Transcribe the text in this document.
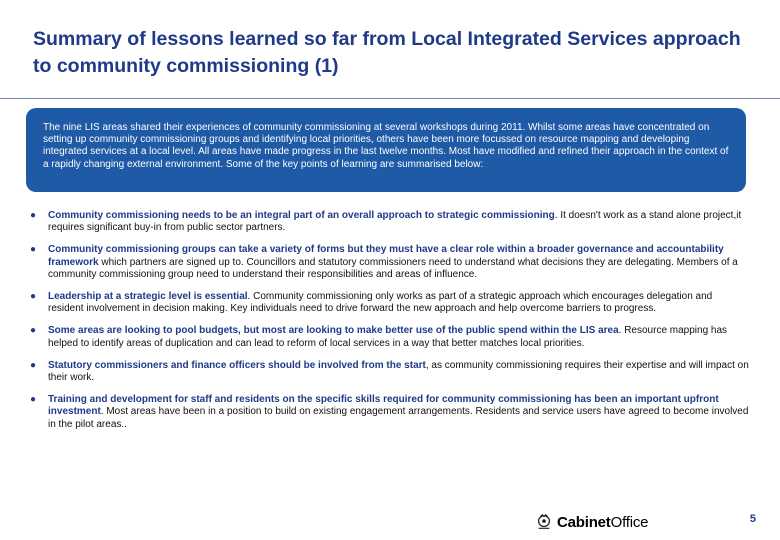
Summary of lessons learned so far from Local Integrated Services approach to community commissioning (1)
The nine LIS areas shared their experiences of community commissioning at several workshops during 2011. Whilst some areas have concentrated on setting up community commissioning groups and identifying local priorities, others have been more focussed on resource mapping and developing integrated services at a local level. All areas have made progress in the last twelve months. Most have modified and refined their approach in the context of a rapidly changing external environment. Some of the key points of learning are summarised below:
● Community commissioning needs to be an integral part of an overall approach to strategic commissioning. It doesn't work as a stand alone project,it requires significant buy-in from public sector partners.
● Community commissioning groups can take a variety of forms but they must have a clear role within a broader governance and accountability framework which partners are signed up to. Councillors and statutory commissioners need to understand what decisions they are delegating. Members of a community commissioning group need to understand their responsibilities and areas of influence.
● Leadership at a strategic level is essential. Community commissioning only works as part of a strategic approach which encourages delegation and resident involvement in decision making. Key individuals need to drive forward the new approach and help overcome barriers to progress.
● Some areas are looking to pool budgets, but most are looking to make better use of the public spend within the LIS area. Resource mapping has helped to identify areas of duplication and can lead to reform of local services in a way that better matches local priorities.
● Statutory commissioners and finance officers should be involved from the start, as community commissioning requires their expertise and will impact on their work.
● Training and development for staff and residents on the specific skills required for community commissioning has been an important upfront investment. Most areas have been in a position to build on existing engagement arrangements. Residents and service users have agreed to become involved in the pilot areas..
CabinetOffice	5
